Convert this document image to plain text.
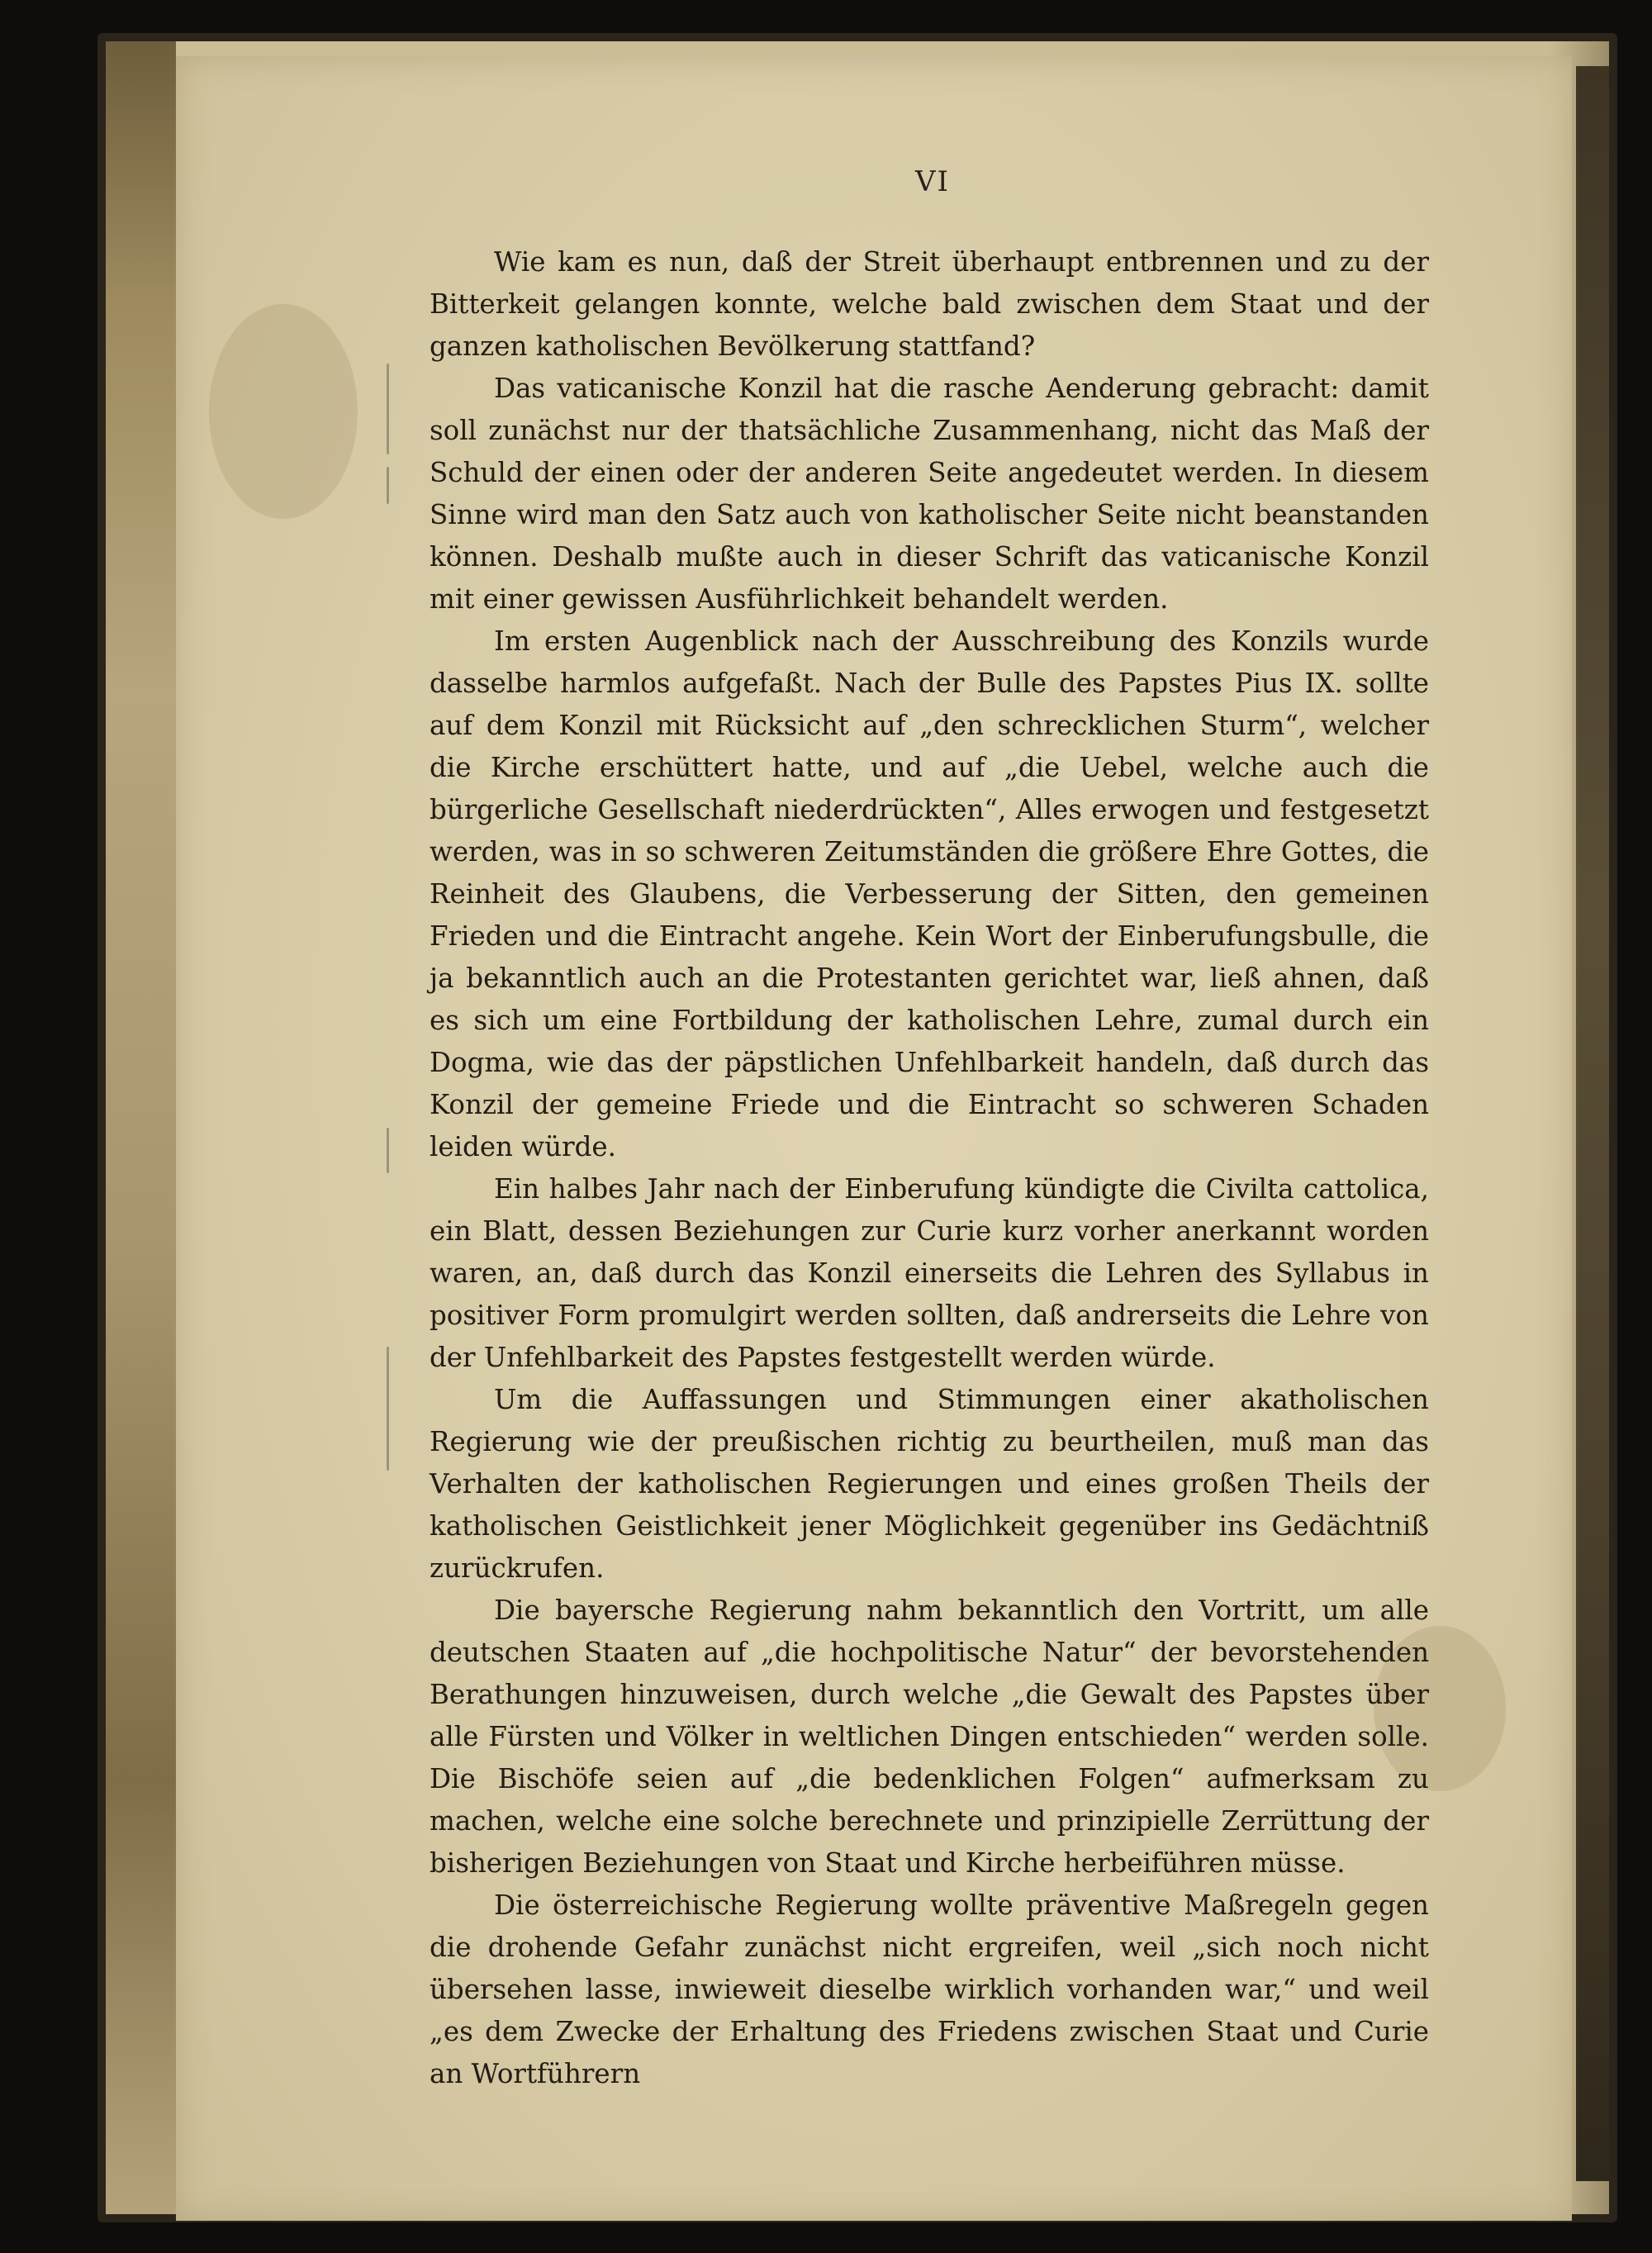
VI

Wie kam es nun, daß der Streit überhaupt entbrennen und zu der Bitterkeit gelangen konnte, welche bald zwischen dem Staat und der ganzen katholischen Bevölkerung stattfand?

Das vaticanische Konzil hat die rasche Aenderung gebracht: damit soll zunächst nur der thatsächliche Zusammenhang, nicht das Maß der Schuld der einen oder der anderen Seite angedeutet werden. In diesem Sinne wird man den Satz auch von katholischer Seite nicht beanstanden können. Deshalb mußte auch in dieser Schrift das vaticanische Konzil mit einer gewissen Ausführlichkeit behandelt werden.

Im ersten Augenblick nach der Ausschreibung des Konzils wurde dasselbe harmlos aufgefaßt. Nach der Bulle des Papstes Pius IX. sollte auf dem Konzil mit Rücksicht auf „den schrecklichen Sturm“, welcher die Kirche erschüttert hatte, und auf „die Uebel, welche auch die bürgerliche Gesellschaft niederdrückten“, Alles erwogen und festgesetzt werden, was in so schweren Zeitumständen die größere Ehre Gottes, die Reinheit des Glaubens, die Verbesserung der Sitten, den gemeinen Frieden und die Eintracht angehe. Kein Wort der Einberufungsbulle, die ja bekanntlich auch an die Protestanten gerichtet war, ließ ahnen, daß es sich um eine Fortbildung der katholischen Lehre, zumal durch ein Dogma, wie das der päpstlichen Unfehlbarkeit handeln, daß durch das Konzil der gemeine Friede und die Eintracht so schweren Schaden leiden würde.

Ein halbes Jahr nach der Einberufung kündigte die Civilta cattolica, ein Blatt, dessen Beziehungen zur Curie kurz vorher anerkannt worden waren, an, daß durch das Konzil einerseits die Lehren des Syllabus in positiver Form promulgirt werden sollten, daß andrerseits die Lehre von der Unfehlbarkeit des Papstes festgestellt werden würde.

Um die Auffassungen und Stimmungen einer akatholischen Regierung wie der preußischen richtig zu beurtheilen, muß man das Verhalten der katholischen Regierungen und eines großen Theils der katholischen Geistlichkeit jener Möglichkeit gegenüber ins Gedächtniß zurückrufen.

Die bayersche Regierung nahm bekanntlich den Vortritt, um alle deutschen Staaten auf „die hochpolitische Natur“ der bevorstehenden Berathungen hinzuweisen, durch welche „die Gewalt des Papstes über alle Fürsten und Völker in weltlichen Dingen entschieden“ werden solle. Die Bischöfe seien auf „die bedenklichen Folgen“ aufmerksam zu machen, welche eine solche berechnete und prinzipielle Zerrüttung der bisherigen Beziehungen von Staat und Kirche herbeiführen müsse.

Die österreichische Regierung wollte präventive Maßregeln gegen die drohende Gefahr zunächst nicht ergreifen, weil „sich noch nicht übersehen lasse, inwieweit dieselbe wirklich vorhanden war,“ und weil „es dem Zwecke der Erhaltung des Friedens zwischen Staat und Curie an Wortführern
